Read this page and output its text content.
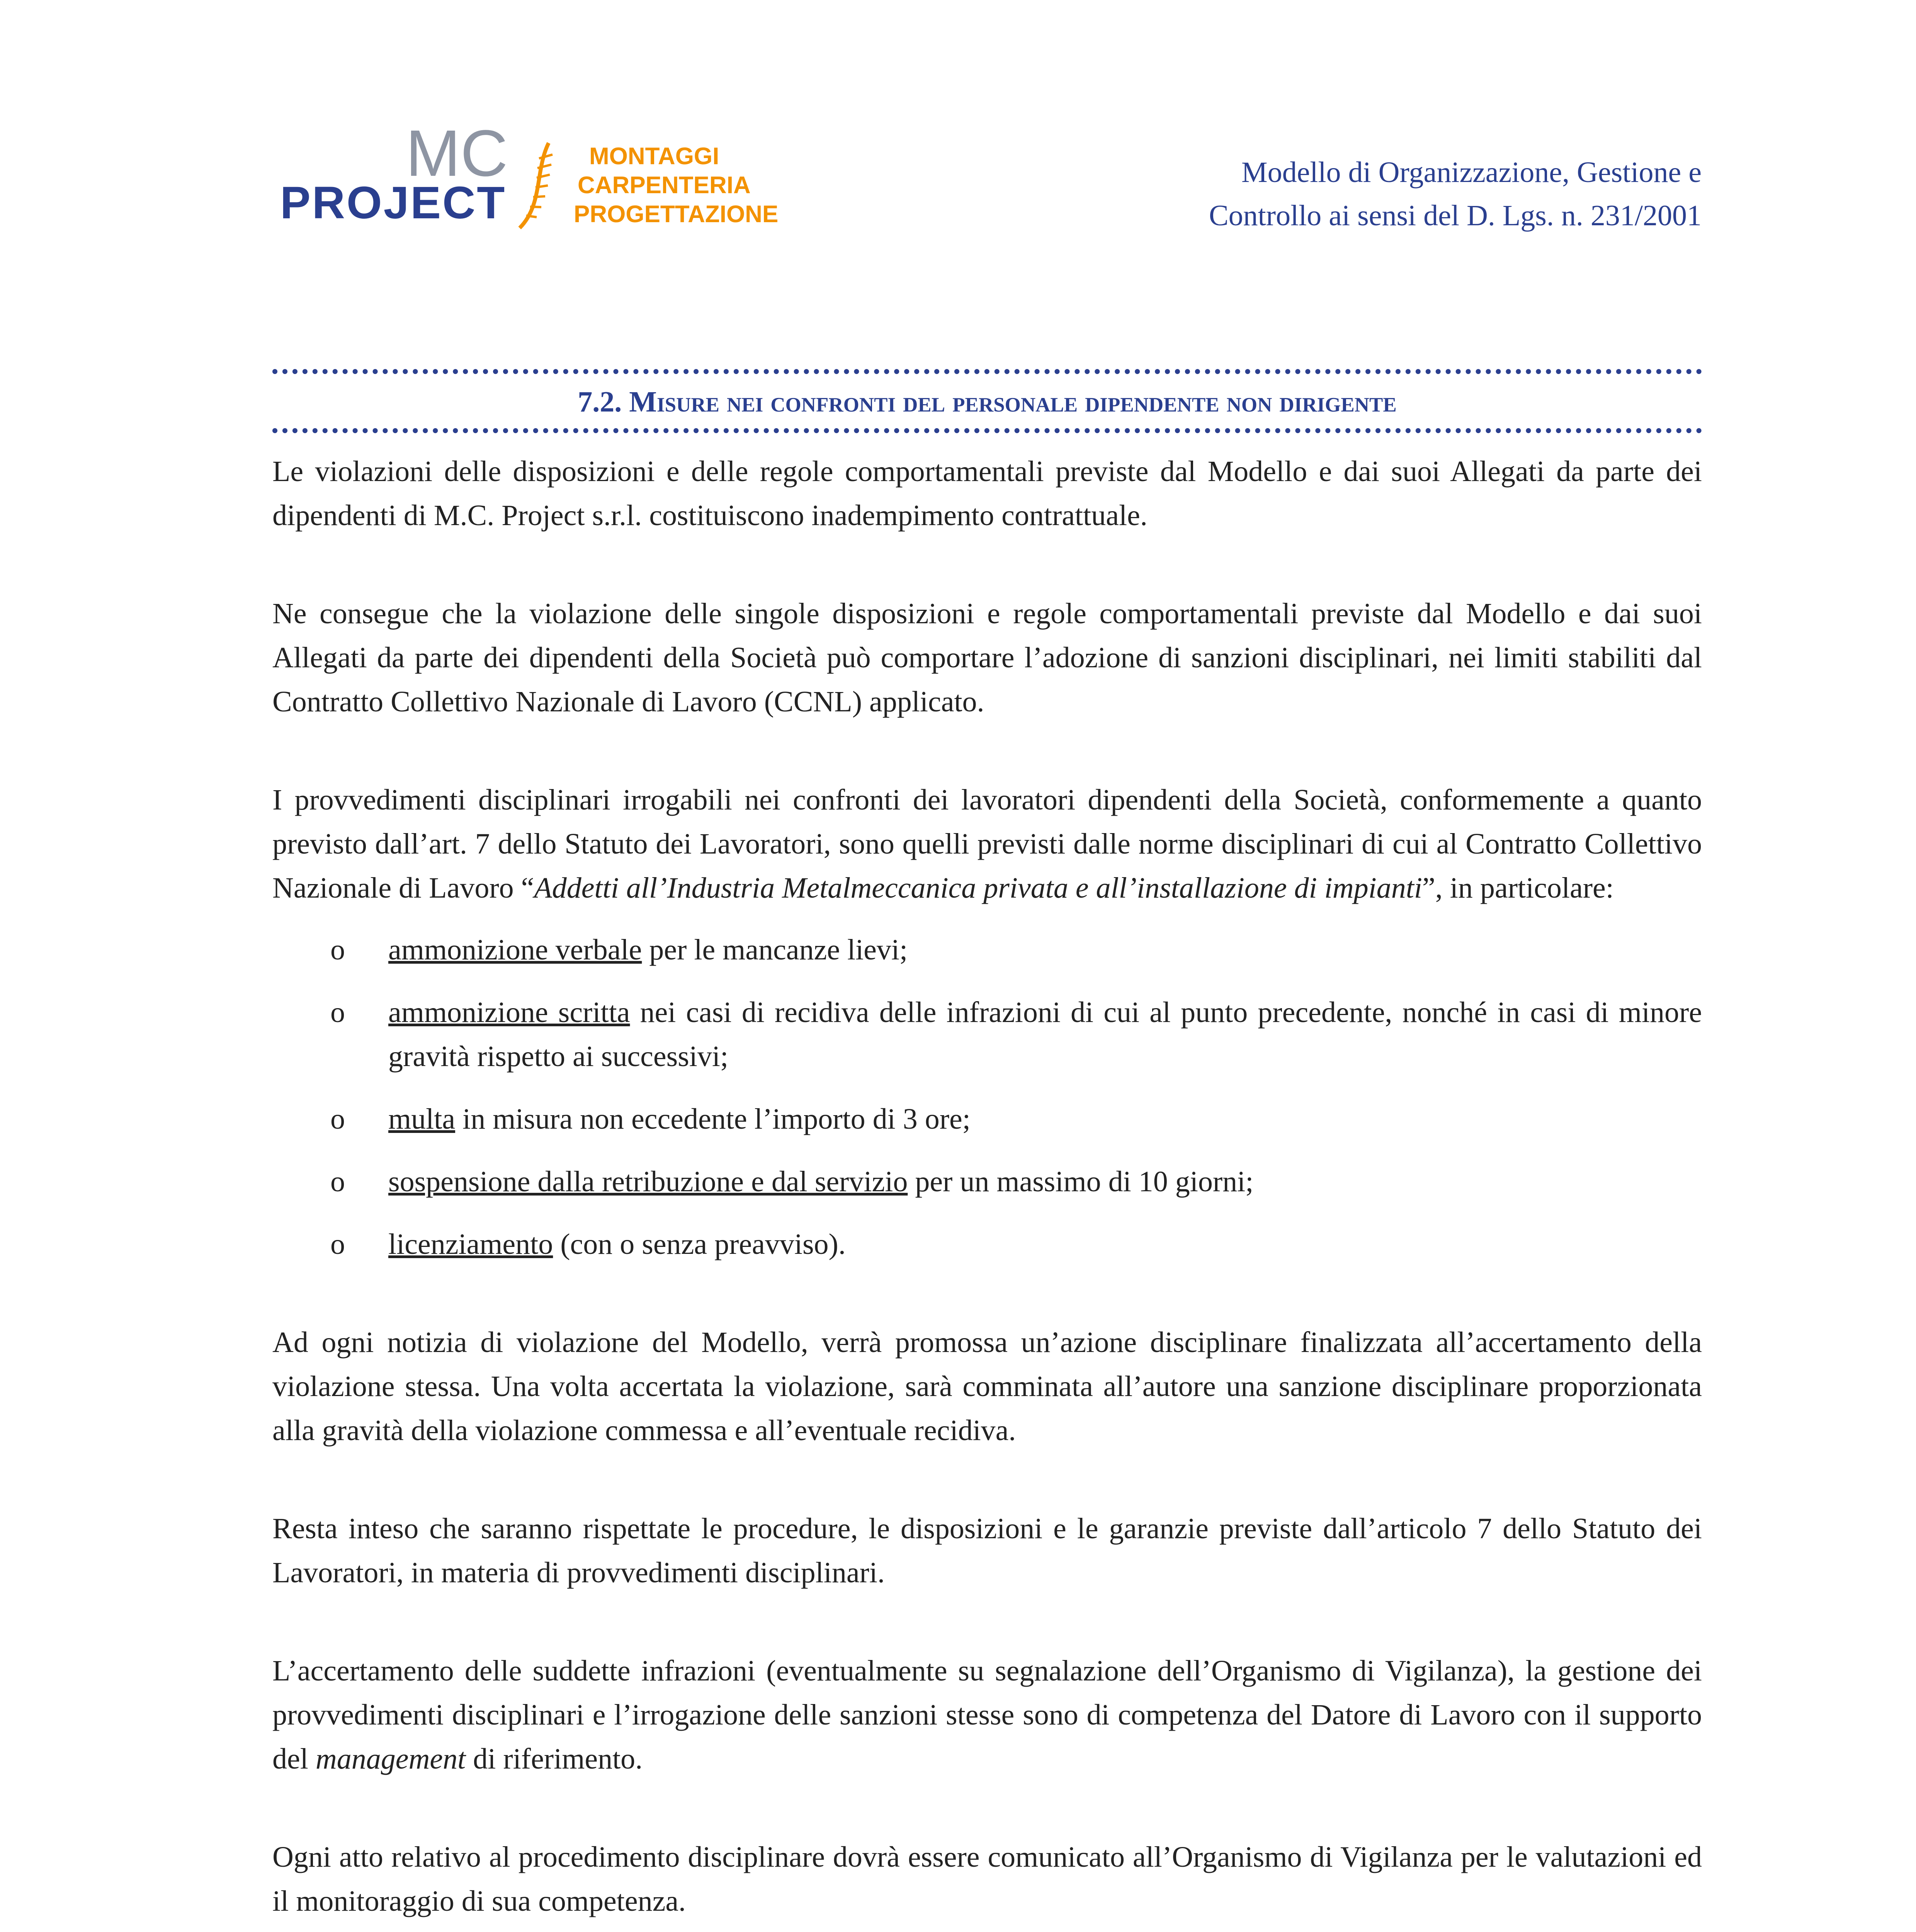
MC
PROJECT
MONTAGGI
CARPENTERIA
PROGETTAZIONE
Modello di Organizzazione, Gestione e
Controllo ai sensi del D. Lgs. n. 231/2001
7.2. Misure nei confronti del personale dipendente non dirigente

Le violazioni delle disposizioni e delle regole comportamentali previste dal Modello e dai suoi Allegati da parte dei dipendenti di M.C. Project s.r.l. costituiscono inadempimento contrattuale.

Ne consegue che la violazione delle singole disposizioni e regole comportamentali previste dal Modello e dai suoi Allegati da parte dei dipendenti della Società può comportare l’adozione di sanzioni disciplinari, nei limiti stabiliti dal Contratto Collettivo Nazionale di Lavoro (CCNL) applicato.

I provvedimenti disciplinari irrogabili nei confronti dei lavoratori dipendenti della Società, conformemente a quanto previsto dall’art. 7 dello Statuto dei Lavoratori, sono quelli previsti dalle norme disciplinari di cui al Contratto Collettivo Nazionale di Lavoro “Addetti all’Industria Metalmeccanica privata e all’installazione di impianti”, in particolare:

o ammonizione verbale per le mancanze lievi;
o ammonizione scritta nei casi di recidiva delle infrazioni di cui al punto precedente, nonché in casi di minore gravità rispetto ai successivi;
o multa in misura non eccedente l’importo di 3 ore;
o sospensione dalla retribuzione e dal servizio per un massimo di 10 giorni;
o licenziamento (con o senza preavviso).

Ad ogni notizia di violazione del Modello, verrà promossa un’azione disciplinare finalizzata all’accertamento della violazione stessa. Una volta accertata la violazione, sarà comminata all’autore una sanzione disciplinare proporzionata alla gravità della violazione commessa e all’eventuale recidiva.

Resta inteso che saranno rispettate le procedure, le disposizioni e le garanzie previste dall’articolo 7 dello Statuto dei Lavoratori, in materia di provvedimenti disciplinari.

L’accertamento delle suddette infrazioni (eventualmente su segnalazione dell’Organismo di Vigilanza), la gestione dei provvedimenti disciplinari e l’irrogazione delle sanzioni stesse sono di competenza del Datore di Lavoro con il supporto del management di riferimento.

Ogni atto relativo al procedimento disciplinare dovrà essere comunicato all’Organismo di Vigilanza per le valutazioni ed il monitoraggio di sua competenza.
